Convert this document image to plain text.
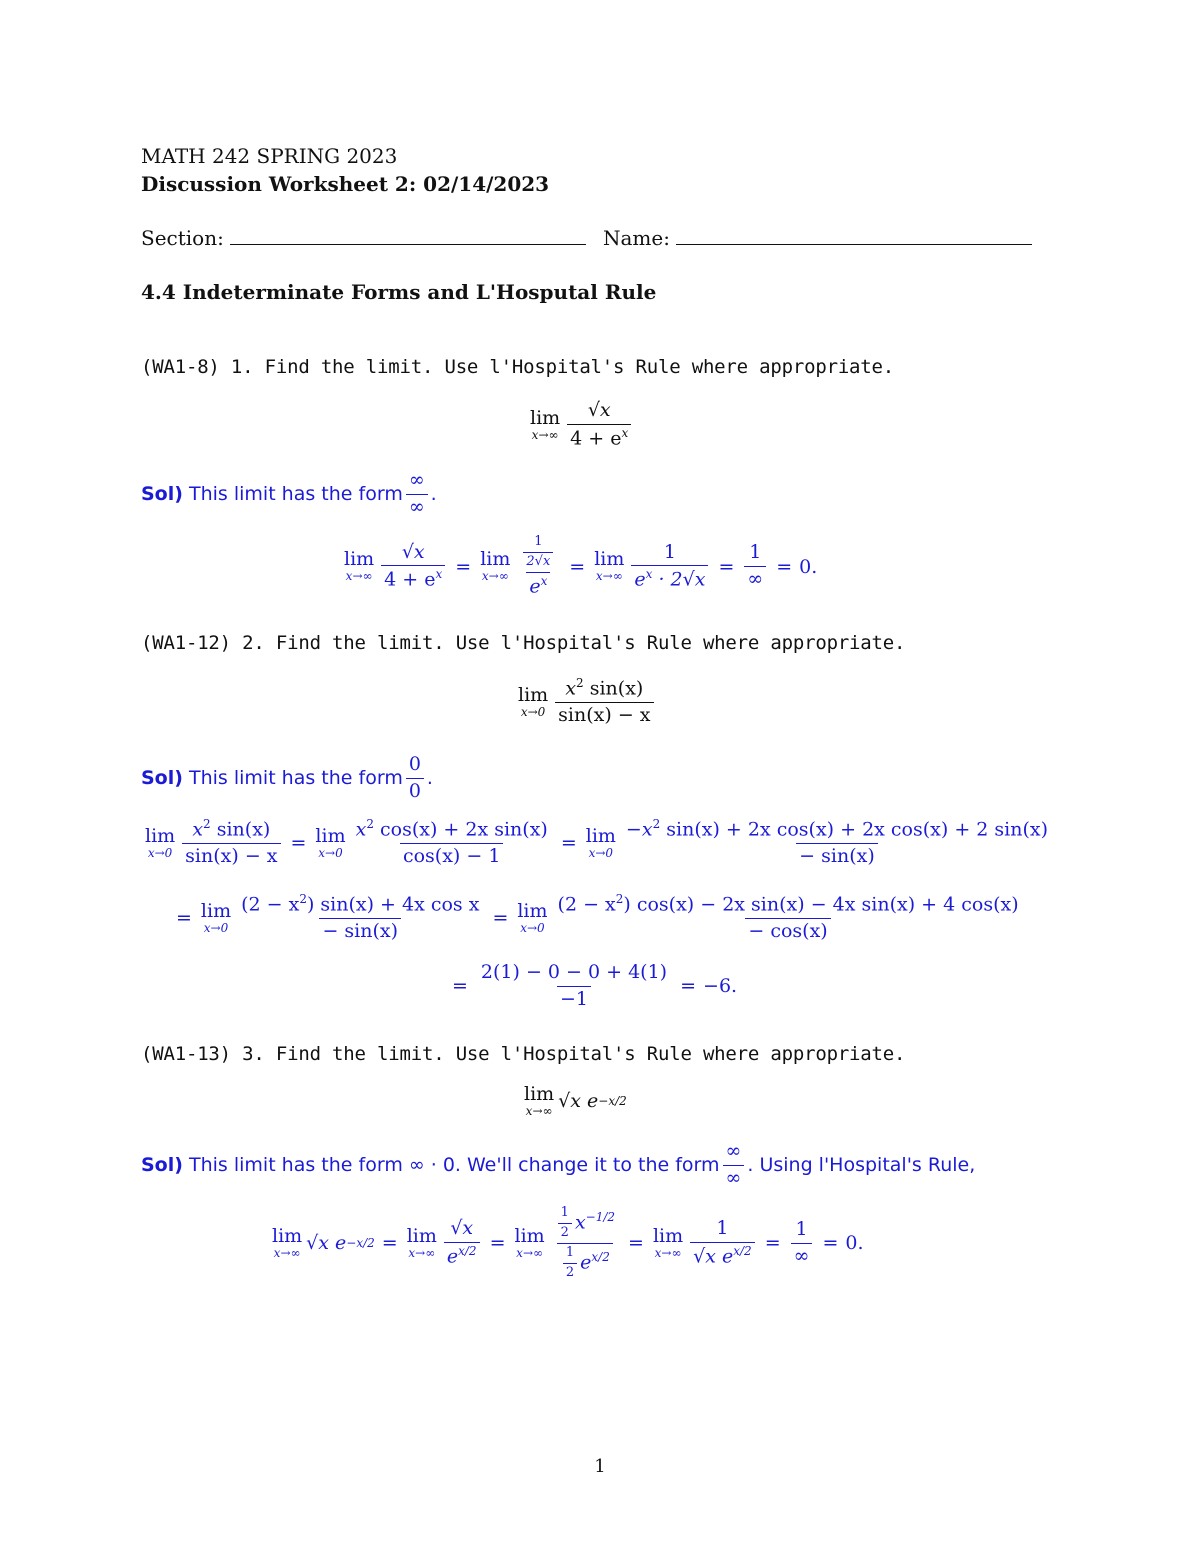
MATH 242 SPRING 2023
Discussion Worksheet 2: 02/14/2023
Section:	Name:
4.4 Indeterminate Forms and L'Hosputal Rule
(WA1-8) 1. Find the limit. Use l'Hospital's Rule where appropriate.
lim
$x\to\infty \frac{√x}{4 + e^x}$
Sol)
This limit has the form $\frac{\infty}{\infty}$ .
lim
$x\to\infty \frac{√x}{4 + e^x} = \lim$
$x\to\infty \frac{\frac{1}{2√x}}{e^x} = \lim$
$x\to\infty \frac{1}{e^x \cdot 2√x} = \frac{1}{\infty} = 0$.
(WA1-12) 2. Find the limit. Use l'Hospital's Rule where appropriate.
lim
$x\to 0 \frac{x^2 \sin(x)}{\sin(x) - x}$
Sol)
This limit has the form $\frac{0}{0}$ .
lim
$x\to 0 \frac{x^2 \sin(x)}{\sin(x) - x} = \lim$
$x\to 0 \frac{x^2 \cos(x) + 2x \sin(x)}{\cos(x) - 1} = \lim$
$x\to 0 \frac{-x^2 \sin(x) + 2x \cos(x) + 2x \cos(x) + 2 \sin(x)}{- \sin(x)}$
= lim
$x\to 0 \frac{(2 - x^2) \sin(x) + 4x \cos x}{- \sin(x)} = \lim$
$x\to 0 \frac{(2 - x^2) \cos(x) - 2x \sin(x) - 4x \sin(x) + 4 \cos(x)}{- \cos(x)}$
= $\frac{2(1) - 0 - 0 + 4(1)}{-1} = -6$.
(WA1-13) 3. Find the limit. Use l'Hospital's Rule where appropriate.
lim
x→∞ √x e −x/2
Sol)
This limit has the form ∞ · 0. We'll change it to the form $\frac{\infty}{\infty}$ . Using l'Hospital's Rule,
lim
x→∞ √x e −x/2 = lim
$x\to\infty \frac{√x}{e^{x/2}} = \lim$
$x\to\infty \frac{\frac{1}{2} x^{-1/2}}{\frac{1}{2} e^{x/2}} = \lim$
$x\to\infty \frac{1}{√x e^{x/2}} = \frac{1}{\infty} = 0$.
1
